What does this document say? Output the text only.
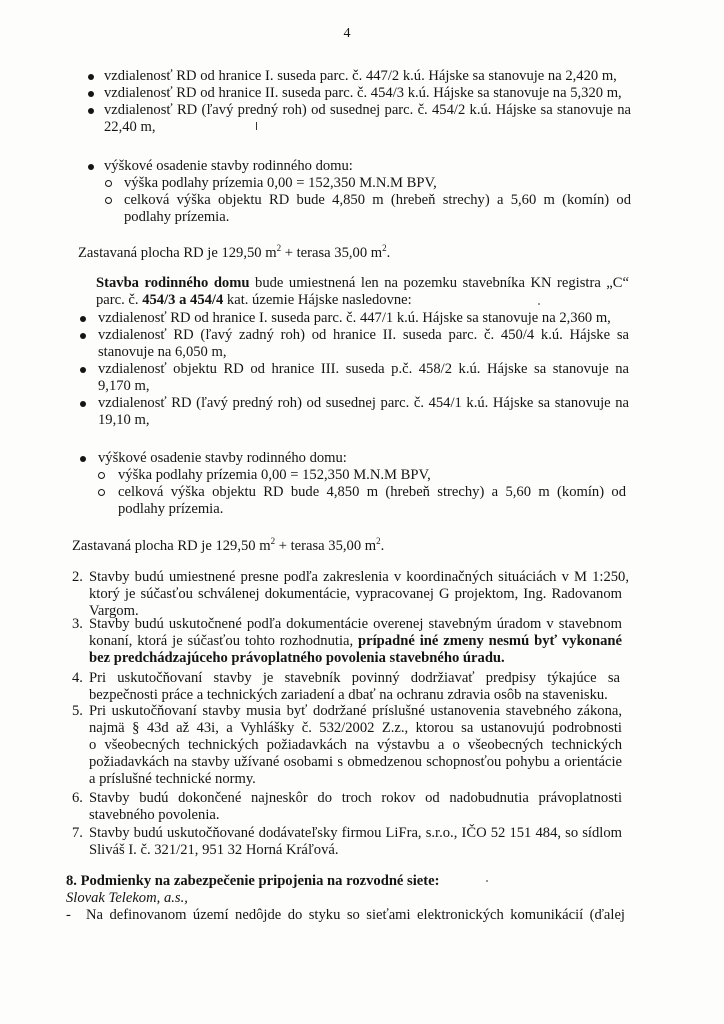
4
vzdialenosť RD od hranice I. suseda parc. č. 447/2 k.ú. Hájske sa stanovuje na 2,420 m,
vzdialenosť RD od hranice II. suseda parc. č. 454/3 k.ú. Hájske sa stanovuje na 5,320 m,
vzdialenosť RD (ľavý predný roh) od susednej parc. č. 454/2 k.ú. Hájske sa stanovuje na
22,40 m,
výškové osadenie stavby rodinného domu:
výška podlahy prízemia 0,00 = 152,350 M.N.M BPV,
celková výška objektu RD bude 4,850 m (hrebeň strechy) a 5,60 m (komín) od
podlahy prízemia.
Zastavaná plocha RD je 129,50 $m^2$ + terasa 35,00 $m^2$.
Stavba rodinného domu bude umiestnená len na pozemku stavebníka KN registra „C“
parc. č. 454/3 a 454/4 kat. územie Hájske nasledovne:
vzdialenosť RD od hranice I. suseda parc. č. 447/1 k.ú. Hájske sa stanovuje na 2,360 m,
vzdialenosť RD (ľavý zadný roh) od hranice II. suseda parc. č. 450/4 k.ú. Hájske sa
stanovuje na 6,050 m,
vzdialenosť objektu RD od hranice III. suseda p.č. 458/2 k.ú. Hájske sa stanovuje na
9,170 m,
vzdialenosť RD (ľavý predný roh) od susednej parc. č. 454/1 k.ú. Hájske sa stanovuje na
19,10 m,
výškové osadenie stavby rodinného domu:
výška podlahy prízemia 0,00 = 152,350 M.N.M BPV,
celková výška objektu RD bude 4,850 m (hrebeň strechy) a 5,60 m (komín) od
podlahy prízemia.
Zastavaná plocha RD je 129,50 $m^2$ + terasa 35,00 $m^2$.
2. Stavby budú umiestnené presne podľa zakreslenia v koordinačných situáciách v M 1:250,
ktorý je súčasťou schválenej dokumentácie, vypracovanej G projektom, Ing. Radovanom
Vargom.
3. Stavby budú uskutočnené podľa dokumentácie overenej stavebným úradom v stavebnom
konaní, ktorá je súčasťou tohto rozhodnutia, prípadné iné zmeny nesmú byť vykonané
bez predchádzajúceho právoplatného povolenia stavebného úradu.
4. Pri uskutočňovaní stavby je stavebník povinný dodržiavať predpisy týkajúce sa
bezpečnosti práce a technických zariadení a dbať na ochranu zdravia osôb na stavenisku.
5. Pri uskutočňovaní stavby musia byť dodržané príslušné ustanovenia stavebného zákona,
najmä § 43d až 43i, a Vyhlášky č. 532/2002 Z.z., ktorou sa ustanovujú podrobnosti
o všeobecných technických požiadavkách na výstavbu a o všeobecných technických
požiadavkách na stavby užívané osobami s obmedzenou schopnosťou pohybu a orientácie
a príslušné technické normy.
6. Stavby budú dokončené najneskôr do troch rokov od nadobudnutia právoplatnosti
stavebného povolenia.
7. Stavby budú uskutočňované dodávateľsky firmou LiFra, s.r.o., IČO 52 151 484, so sídlom
Sliváš I. č. 321/21, 951 32 Horná Kráľová.
8. Podmienky na zabezpečenie pripojenia na rozvodné siete:
Slovak Telekom, a.s.,
- Na definovanom území nedôjde do styku so sieťami elektronických komunikácií (ďalej
